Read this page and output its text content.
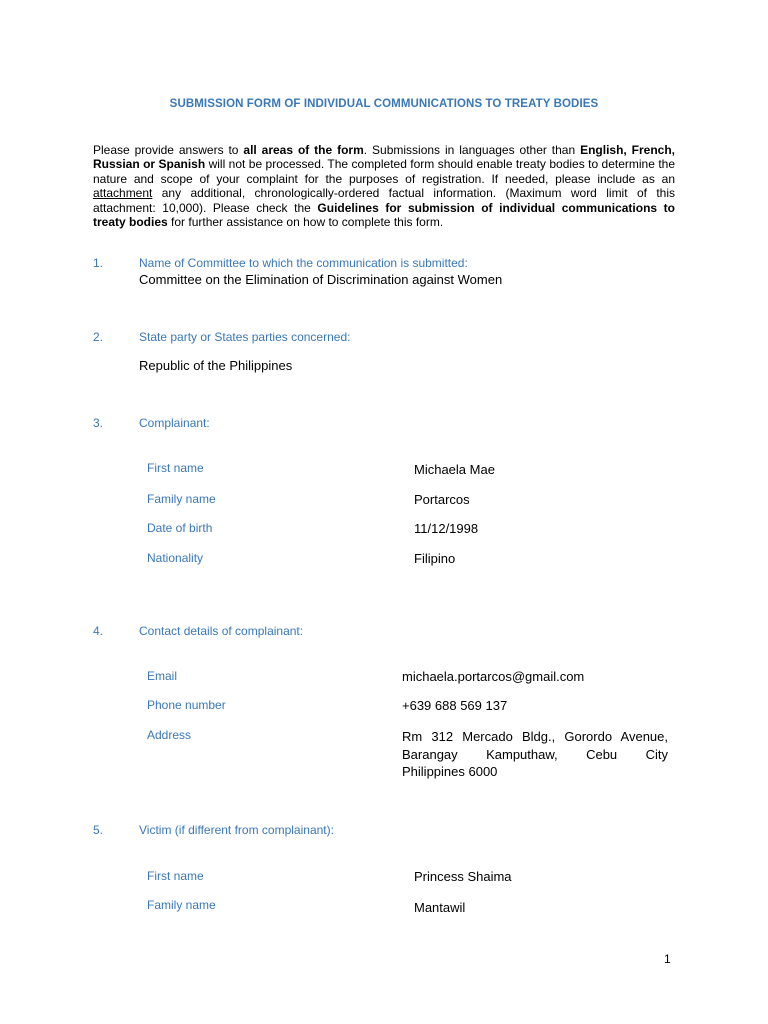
SUBMISSION FORM OF INDIVIDUAL COMMUNICATIONS TO TREATY BODIES
Please provide answers to all areas of the form. Submissions in languages other than English, French, Russian or Spanish will not be processed. The completed form should enable treaty bodies to determine the nature and scope of your complaint for the purposes of registration. If needed, please include as an attachment any additional, chronologically-ordered factual information. (Maximum word limit of this attachment: 10,000). Please check the Guidelines for submission of individual communications to treaty bodies for further assistance on how to complete this form.
1.	Name of Committee to which the communication is submitted:
Committee on the Elimination of Discrimination against Women
2.	State party or States parties concerned:
Republic of the Philippines
3.	Complainant:
First name	Michaela Mae
Family name	Portarcos
Date of birth	11/12/1998
Nationality	Filipino
4.	Contact details of complainant:
Email	michaela.portarcos@gmail.com
Phone number	+639 688 569 137
Address	Rm 312 Mercado Bldg., Gorordo Avenue,
Barangay Kamputhaw, Cebu City
Philippines 6000
5.	Victim (if different from complainant):
First name	Princess Shaima
Family name	Mantawil
1
